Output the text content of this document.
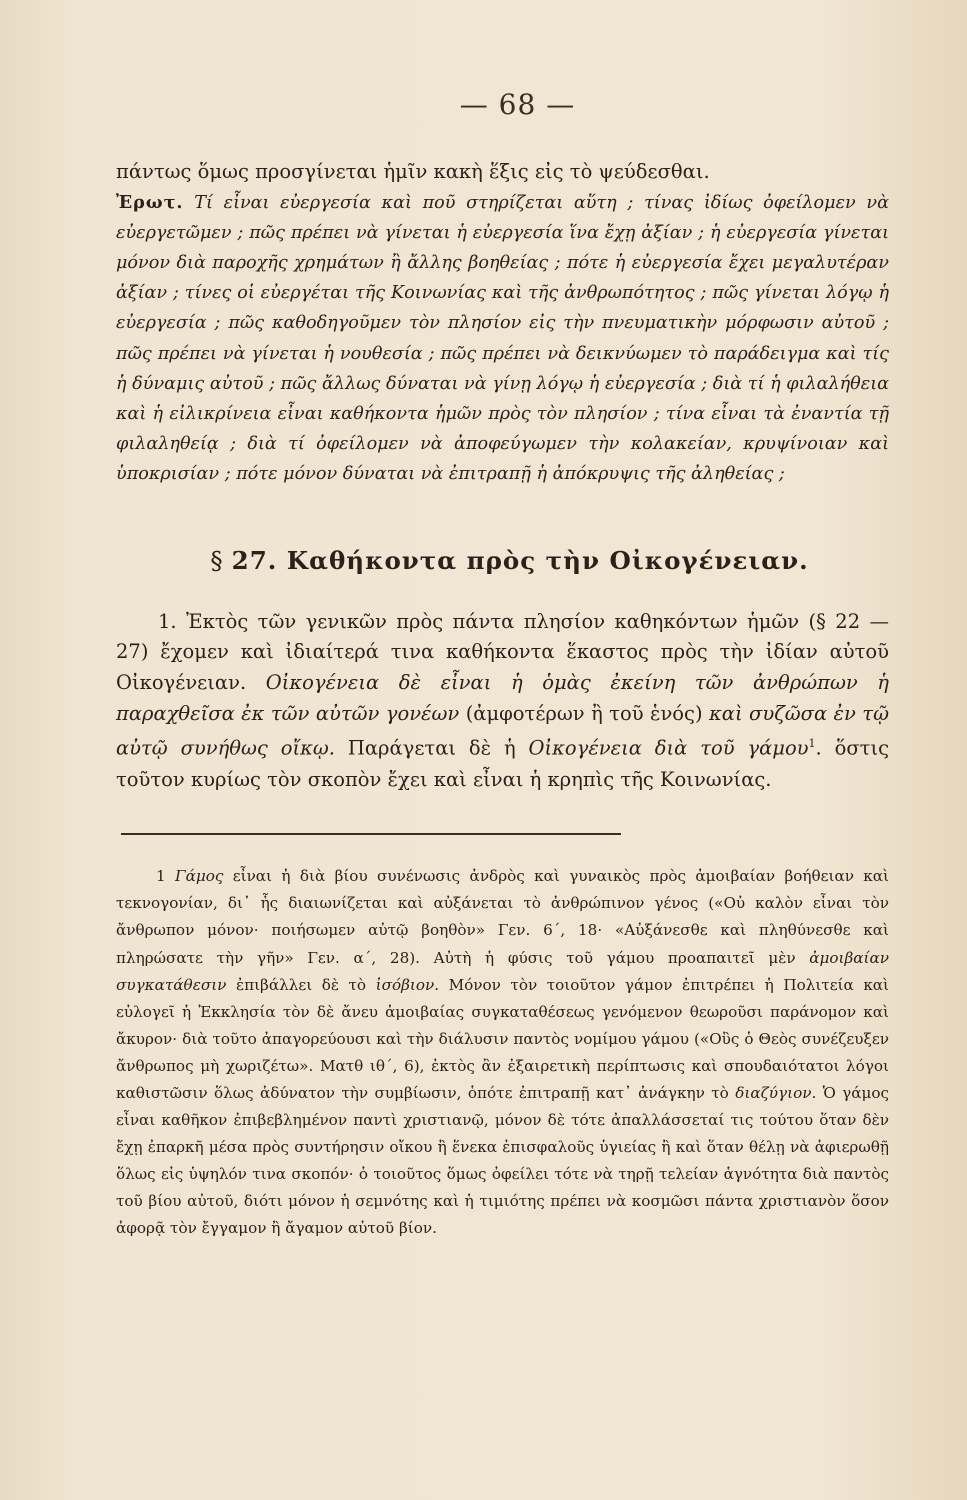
— 68 —

πάντως ὅμως προσγίνεται ἡμῖν κακὴ ἕξις εἰς τὸ ψεύδεσθαι.

Ἐρωτ. Τί εἶναι εὐεργεσία καὶ ποῦ στηρίζεται αὕτη ; τίνας ἰδίως ὀφείλομεν νὰ εὐεργετῶμεν ; πῶς πρέπει νὰ γίνεται ἡ εὐεργεσία ἵνα ἔχῃ ἀξίαν ; ἡ εὐεργεσία γίνεται μόνον διὰ παροχῆς χρημάτων ἢ ἄλλης βοηθείας ; πότε ἡ εὐεργεσία ἔχει μεγαλυτέραν ἀξίαν ; τίνες οἱ εὐεργέται τῆς Κοινωνίας καὶ τῆς ἀνθρωπότητος ; πῶς γίνεται λόγῳ ἡ εὐεργεσία ; πῶς καθοδηγοῦμεν τὸν πλησίον εἰς τὴν πνευματικὴν μόρφωσιν αὐτοῦ ; πῶς πρέπει νὰ γίνεται ἡ νουθεσία ; πῶς πρέπει νὰ δεικνύωμεν τὸ παράδειγμα καὶ τίς ἡ δύναμις αὐτοῦ ; πῶς ἄλλως δύναται νὰ γίνῃ λόγῳ ἡ εὐεργεσία ; διὰ τί ἡ φιλαλήθεια καὶ ἡ εἰλικρίνεια εἶναι καθήκοντα ἡμῶν πρὸς τὸν πλησίον ; τίνα εἶναι τὰ ἐναντία τῇ φιλαληθείᾳ ; διὰ τί ὀφείλομεν νὰ ἀποφεύγωμεν τὴν κολακείαν, κρυψίνοιαν καὶ ὑποκρισίαν ; πότε μόνον δύναται νὰ ἐπιτραπῇ ἡ ἀπόκρυψις τῆς ἀληθείας ;

§ 27. Καθήκοντα πρὸς τὴν Οἰκογένειαν.

1. Ἐκτὸς τῶν γενικῶν πρὸς πάντα πλησίον καθηκόντων ἡμῶν (§ 22 — 27) ἔχομεν καὶ ἰδιαίτερά τινα καθήκοντα ἕκαστος πρὸς τὴν ἰδίαν αὐτοῦ Οἰκογένειαν. Οἰκογένεια δὲ εἶναι ἡ ὁμὰς ἐκείνη τῶν ἀνθρώπων ἡ παραχθεῖσα ἐκ τῶν αὐτῶν γονέων (ἀμφοτέρων ἢ τοῦ ἑνός) καὶ συζῶσα ἐν τῷ αὐτῷ συνήθως οἴκῳ. Παράγεται δὲ ἡ Οἰκογένεια διὰ τοῦ γάμου$^1$. ὅστις τοῦτον κυρίως τὸν σκοπὸν ἔχει καὶ εἶναι ἡ κρηπὶς τῆς Κοινωνίας.

1 Γάμος εἶναι ἡ διὰ βίου συνένωσις ἀνδρὸς καὶ γυναικὸς πρὸς ἀμοιβαίαν βοήθειαν καὶ τεκνογονίαν, δι᾽ ἧς διαιωνίζεται καὶ αὐξάνεται τὸ ἀνθρώπινον γένος («Οὐ καλὸν εἶναι τὸν ἄνθρωπον μόνον· ποιήσωμεν αὐτῷ βοηθὸν» Γεν. 6΄, 18· «Αὐξάνεσθε καὶ πληθύνεσθε καὶ πληρώσατε τὴν γῆν» Γεν. α΄, 28). Αὐτὴ ἡ φύσις τοῦ γάμου προαπαιτεῖ μὲν ἀμοιβαίαν συγκατάθεσιν ἐπιβάλλει δὲ τὸ ἰσόβιον. Μόνον τὸν τοιοῦτον γάμον ἐπιτρέπει ἡ Πολιτεία καὶ εὐλογεῖ ἡ Ἐκκλησία τὸν δὲ ἄνευ ἀμοιβαίας συγκαταθέσεως γενόμενον θεωροῦσι παράνομον καὶ ἄκυρον· διὰ τοῦτο ἀπαγορεύουσι καὶ τὴν διάλυσιν παντὸς νομίμου γάμου («Οὓς ὁ Θεὸς συνέζευξεν ἄνθρωπος μὴ χωριζέτω». Ματθ ιθ΄, 6), ἐκτὸς ἂν ἐξαιρετικὴ περίπτωσις καὶ σπουδαιότατοι λόγοι καθιστῶσιν ὅλως ἀδύνατον τὴν συμβίωσιν, ὁπότε ἐπιτραπῇ κατ᾽ ἀνάγκην τὸ διαζύγιον. Ὁ γάμος εἶναι καθῆκον ἐπιβεβλημένον παντὶ χριστιανῷ, μόνον δὲ τότε ἀπαλλάσσεταί τις τούτου ὅταν δὲν ἔχῃ ἐπαρκῆ μέσα πρὸς συντήρησιν οἴκου ἢ ἕνεκα ἐπισφαλοῦς ὑγιείας ἢ καὶ ὅταν θέλῃ νὰ ἀφιερωθῇ ὅλως εἰς ὑψηλόν τινα σκοπόν· ὁ τοιοῦτος ὅμως ὀφείλει τότε νὰ τηρῇ τελείαν ἁγνότητα διὰ παντὸς τοῦ βίου αὐτοῦ, διότι μόνον ἡ σεμνότης καὶ ἡ τιμιότης πρέπει νὰ κοσμῶσι πάντα χριστιανὸν ὅσον ἀφορᾷ τὸν ἔγγαμον ἢ ἄγαμον αὐτοῦ βίον.
